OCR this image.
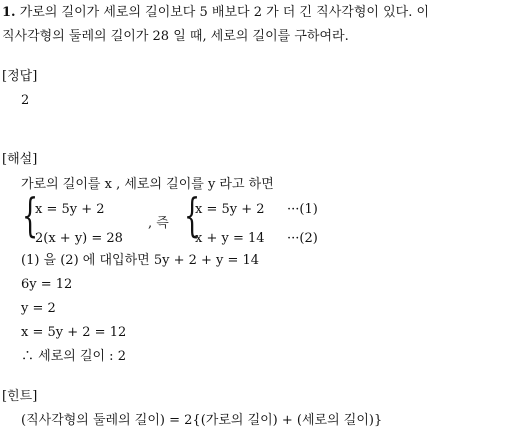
1. 가로의 길이가 세로의 길이보다 5 배보다 2 가 더 긴 직사각형이 있다. 이
직사각형의 둘레의 길이가 28 일 때, 세로의 길이를 구하여라.
[정답]
2
[해설]
가로의 길이를 x , 세로의 길이를 y 라고 하면
{
x = 5y + 2
2(x + y) = 28
, 즉 {
x = 5y + 2
x + y = 14
···(1)
···(2)
(1) 을 (2) 에 대입하면 5y + 2 + y = 14
6y = 12
y = 2
x = 5y + 2 = 12
∴ 세로의 길이 : 2
[힌트]
(직사각형의 둘레의 길이) = 2{(가로의 길이) + (세로의 길이)}
